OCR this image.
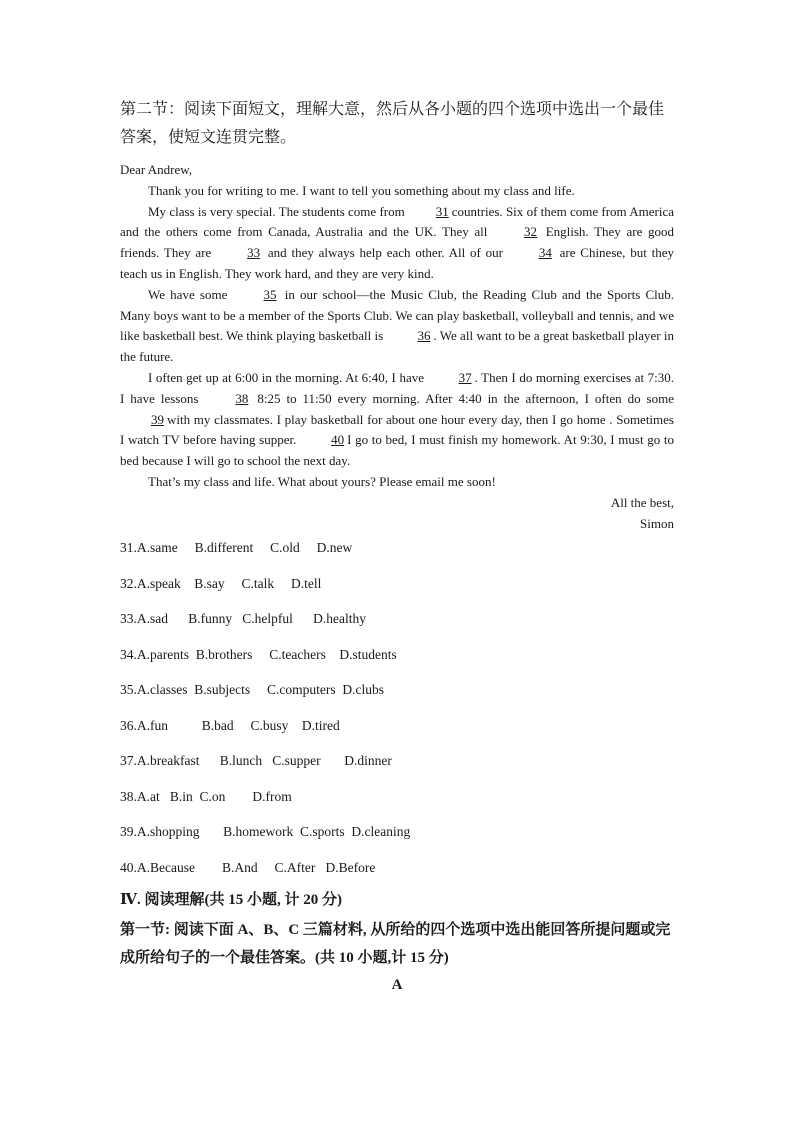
第二节：阅读下面短文，理解大意，然后从各小题的四个选项中选出一个最佳答案，使短文连贯完整。

Dear Andrew,

Thank you for writing to me. I want to tell you something about my class and life.

My class is very special. The students come from 31 countries. Six of them come from America and the others come from Canada, Australia and the UK. They all	32 English. They are good friends. They are	33 and they always help each other. All of our	34 are Chinese, but they teach us in English. They work hard, and they are very kind.

We have some	35 in our school—the Music Club, the Reading Club and the Sports Club. Many boys want to be a member of the Sports Club. We can play basketball, volleyball and tennis, and we like basketball best. We think playing basketball is	36 . We all want to be a great basketball player in the future.

I often get up at 6:00 in the morning. At 6:40, I have	37 . Then I do morning exercises at 7:30. I have lessons	38 8:25 to 11:50 every morning. After 4:40 in the afternoon, I often do some 39 with my classmates. I play basketball for about one hour every day, then I go home . Sometimes I watch TV before having supper.	40 I go to bed, I must finish my homework. At 9:30, I must go to bed because I will go to school the next day.

That’s my class and life. What about yours? Please email me soon!

All the best,

Simon

31.A.same     B.different     C.old     D.new
32.A.speak    B.say     C.talk     D.tell
33.A.sad      B.funny   C.helpful      D.healthy
34.A.parents  B.brothers     C.teachers    D.students
35.A.classes  B.subjects     C.computers  D.clubs
36.A.fun          B.bad     C.busy    D.tired
37.A.breakfast      B.lunch   C.supper       D.dinner
38.A.at   B.in  C.on        D.from
39.A.shopping       B.homework  C.sports  D.cleaning
40.A.Because        B.And     C.After   D.Before

Ⅳ. 阅读理解(共 15 小题, 计 20 分)

第一节: 阅读下面 A、B、C 三篇材料, 从所给的四个选项中选出能回答所提问题或完成所给句子的一个最佳答案。(共 10 小题,计 15 分)

A
